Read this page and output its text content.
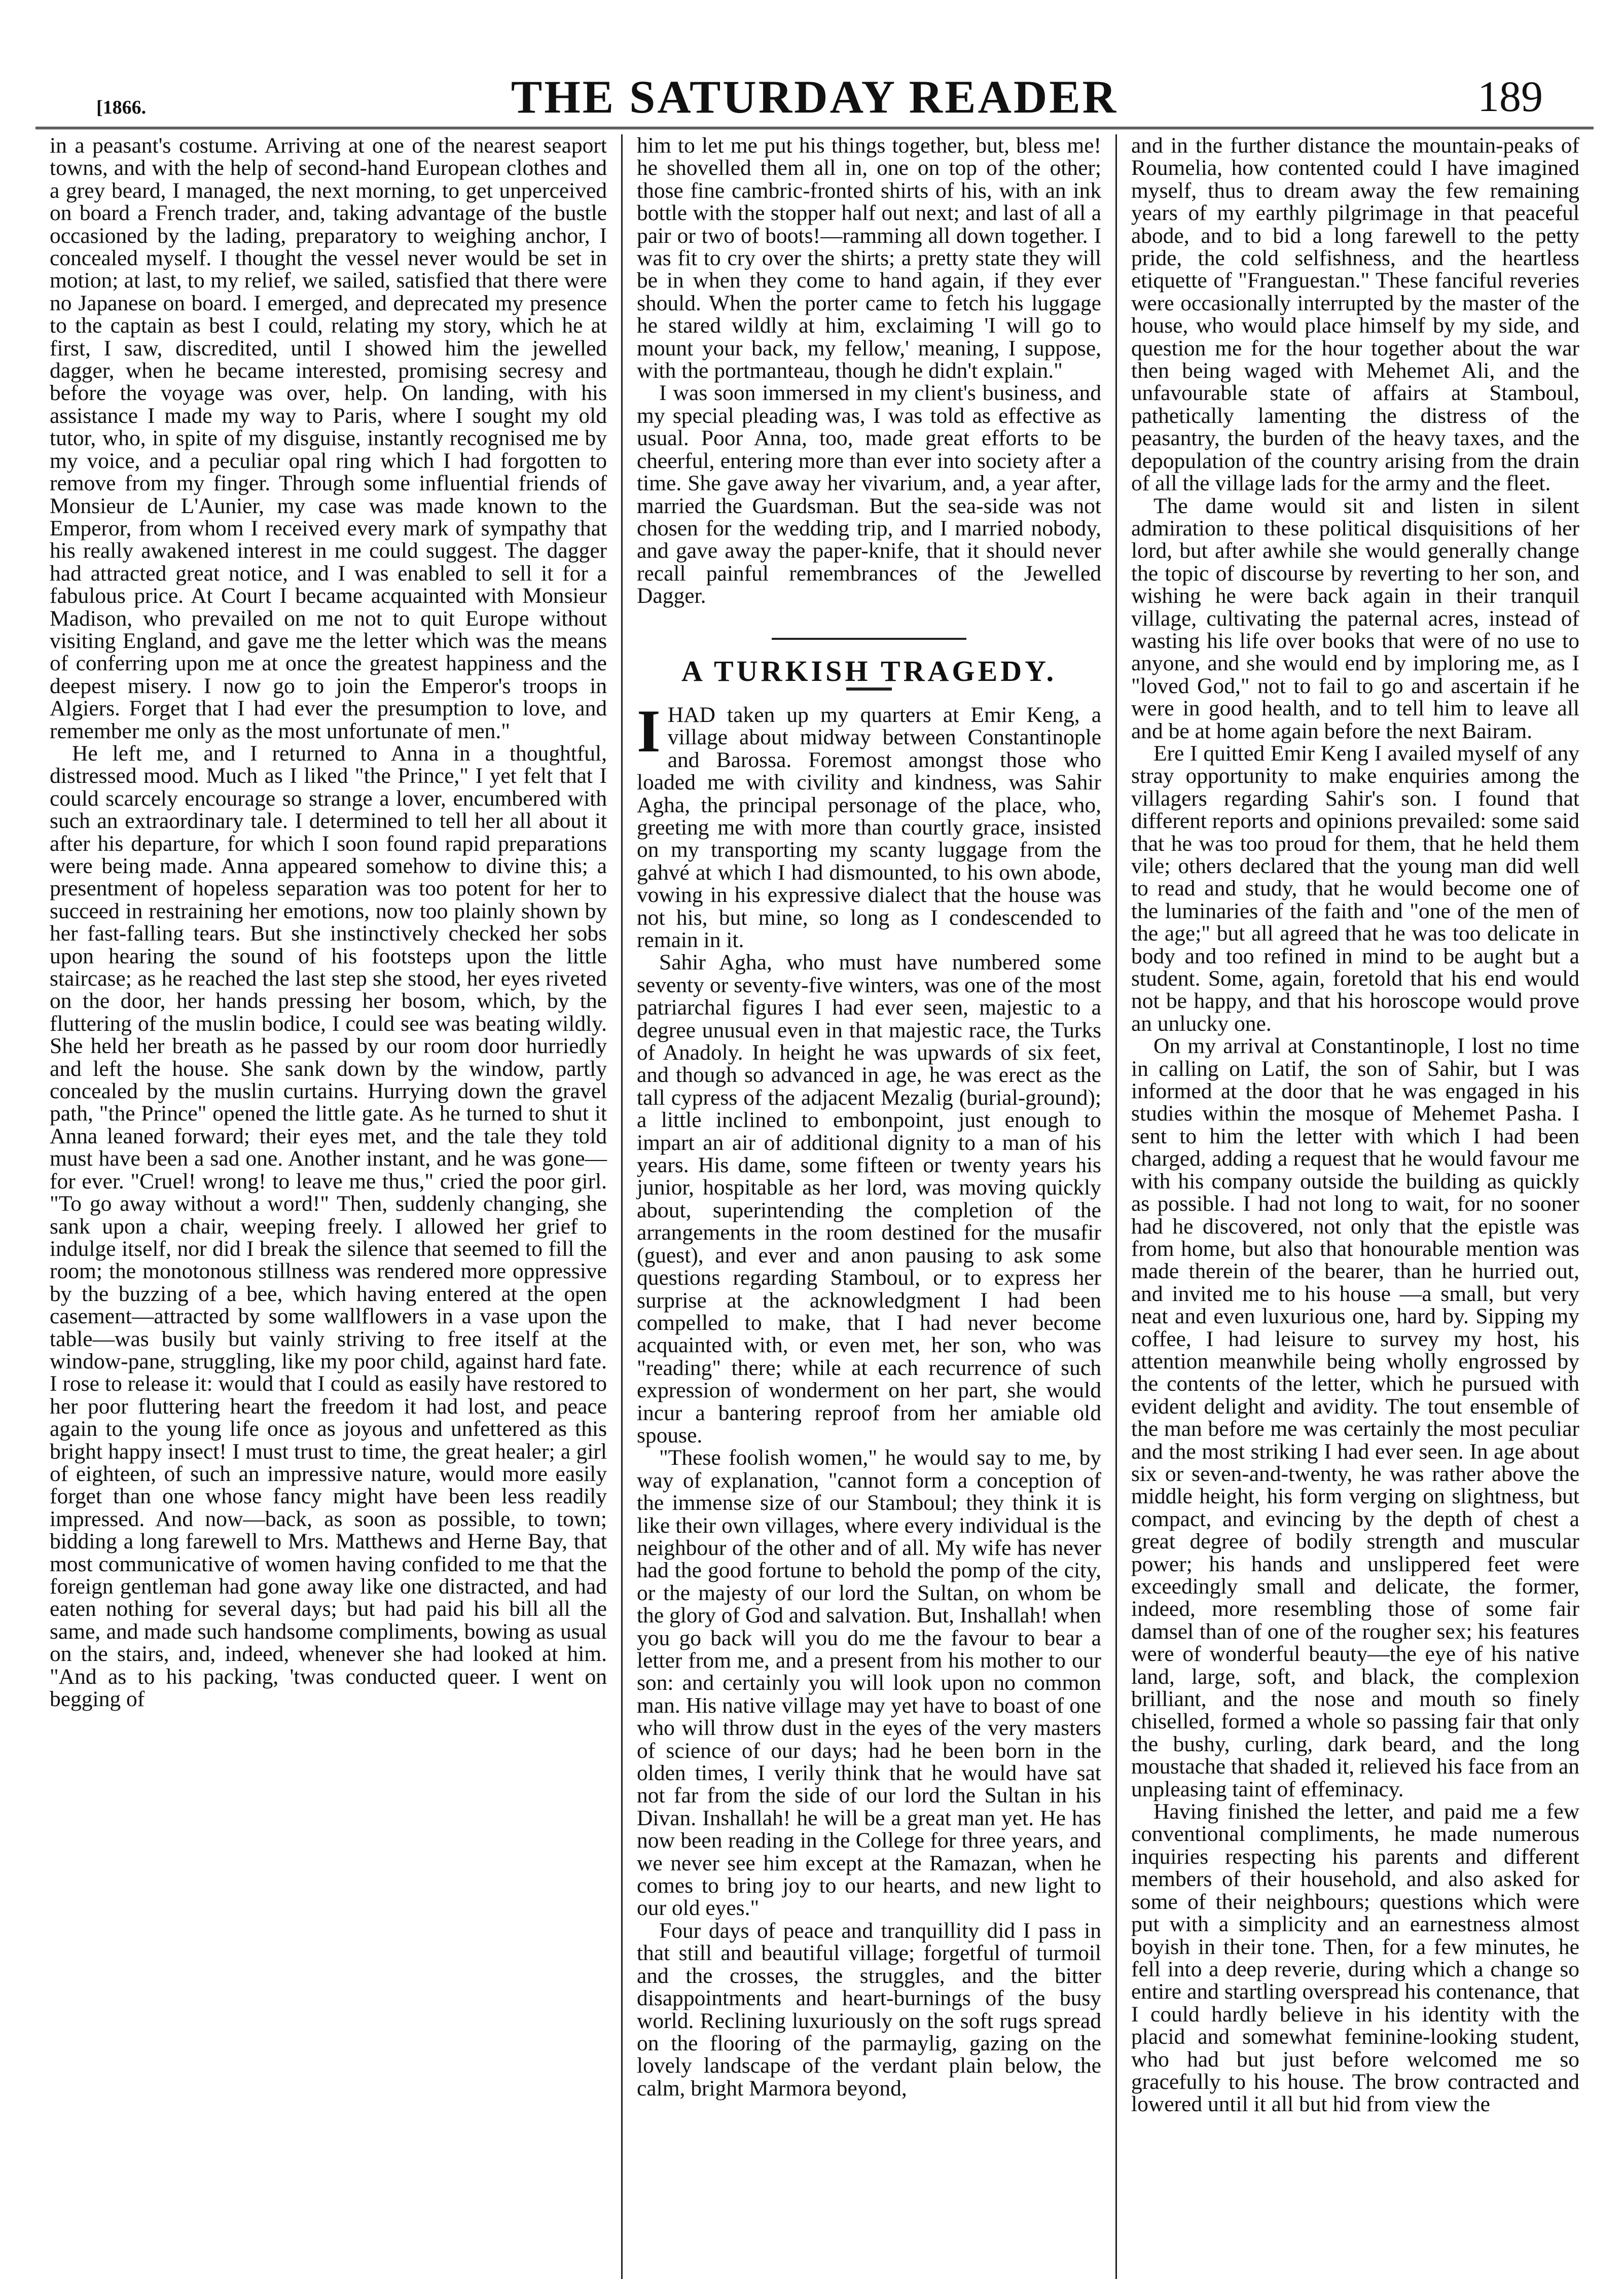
[1866.	THE SATURDAY READER	189

in a peasant's costume. Arriving at one of the nearest seaport towns, and with the help of second-hand European clothes and a grey beard, I managed, the next morning, to get unperceived on board a French trader, and, taking advantage of the bustle occasioned by the lading, preparatory to weighing anchor, I concealed myself. I thought the vessel never would be set in motion; at last, to my relief, we sailed, satisfied that there were no Japanese on board. I emerged, and deprecated my presence to the captain as best I could, relating my story, which he at first, I saw, discredited, until I showed him the jewelled dagger, when he became interested, promising secresy and before the voyage was over, help. On landing, with his assistance I made my way to Paris, where I sought my old tutor, who, in spite of my disguise, instantly recognised me by my voice, and a peculiar opal ring which I had forgotten to remove from my finger. Through some influential friends of Monsieur de L'Aunier, my case was made known to the Emperor, from whom I received every mark of sympathy that his really awakened interest in me could suggest. The dagger had attracted great notice, and I was enabled to sell it for a fabulous price. At Court I became acquainted with Monsieur Madison, who prevailed on me not to quit Europe without visiting England, and gave me the letter which was the means of conferring upon me at once the greatest happiness and the deepest misery. I now go to join the Emperor's troops in Algiers. Forget that I had ever the presumption to love, and remember me only as the most unfortunate of men."

He left me, and I returned to Anna in a thoughtful, distressed mood. Much as I liked "the Prince," I yet felt that I could scarcely encourage so strange a lover, encumbered with such an extraordinary tale. I determined to tell her all about it after his departure, for which I soon found rapid preparations were being made. Anna appeared somehow to divine this; a presentment of hopeless separation was too potent for her to succeed in restraining her emotions, now too plainly shown by her fast-falling tears. But she instinctively checked her sobs upon hearing the sound of his footsteps upon the little staircase; as he reached the last step she stood, her eyes riveted on the door, her hands pressing her bosom, which, by the fluttering of the muslin bodice, I could see was beating wildly. She held her breath as he passed by our room door hurriedly and left the house. She sank down by the window, partly concealed by the muslin curtains. Hurrying down the gravel path, "the Prince" opened the little gate. As he turned to shut it Anna leaned forward; their eyes met, and the tale they told must have been a sad one. Another instant, and he was gone—for ever. "Cruel! wrong! to leave me thus," cried the poor girl. "To go away without a word!" Then, suddenly changing, she sank upon a chair, weeping freely. I allowed her grief to indulge itself, nor did I break the silence that seemed to fill the room; the monotonous stillness was rendered more oppressive by the buzzing of a bee, which having entered at the open casement—attracted by some wallflowers in a vase upon the table—was busily but vainly striving to free itself at the window-pane, struggling, like my poor child, against hard fate. I rose to release it: would that I could as easily have restored to her poor fluttering heart the freedom it had lost, and peace again to the young life once as joyous and unfettered as this bright happy insect! I must trust to time, the great healer; a girl of eighteen, of such an impressive nature, would more easily forget than one whose fancy might have been less readily impressed. And now—back, as soon as possible, to town; bidding a long farewell to Mrs. Matthews and Herne Bay, that most communicative of women having confided to me that the foreign gentleman had gone away like one distracted, and had eaten nothing for several days; but had paid his bill all the same, and made such handsome compliments, bowing as usual on the stairs, and, indeed, whenever she had looked at him. "And as to his packing, 'twas conducted queer. I went on begging of

him to let me put his things together, but, bless me! he shovelled them all in, one on top of the other; those fine cambric-fronted shirts of his, with an ink bottle with the stopper half out next; and last of all a pair or two of boots!—ramming all down together. I was fit to cry over the shirts; a pretty state they will be in when they come to hand again, if they ever should. When the porter came to fetch his luggage he stared wildly at him, exclaiming 'I will go to mount your back, my fellow,' meaning, I suppose, with the portmanteau, though he didn't explain."

I was soon immersed in my client's business, and my special pleading was, I was told as effective as usual. Poor Anna, too, made great efforts to be cheerful, entering more than ever into society after a time. She gave away her vivarium, and, a year after, married the Guardsman. But the sea-side was not chosen for the wedding trip, and I married nobody, and gave away the paper-knife, that it should never recall painful remembrances of the Jewelled Dagger.

A TURKISH TRAGEDY.

IHAD taken up my quarters at Emir Keng, a village about midway between Constantinople and Barossa. Foremost amongst those who loaded me with civility and kindness, was Sahir Agha, the principal personage of the place, who, greeting me with more than courtly grace, insisted on my transporting my scanty luggage from the gahvé at which I had dismounted, to his own abode, vowing in his expressive dialect that the house was not his, but mine, so long as I condescended to remain in it.

Sahir Agha, who must have numbered some seventy or seventy-five winters, was one of the most patriarchal figures I had ever seen, majestic to a degree unusual even in that majestic race, the Turks of Anadoly. In height he was upwards of six feet, and though so advanced in age, he was erect as the tall cypress of the adjacent Mezalig (burial-ground); a little inclined to embonpoint, just enough to impart an air of additional dignity to a man of his years. His dame, some fifteen or twenty years his junior, hospitable as her lord, was moving quickly about, superintending the completion of the arrangements in the room destined for the musafir (guest), and ever and anon pausing to ask some questions regarding Stamboul, or to express her surprise at the acknowledgment I had been compelled to make, that I had never become acquainted with, or even met, her son, who was "reading" there; while at each recurrence of such expression of wonderment on her part, she would incur a bantering reproof from her amiable old spouse.

"These foolish women," he would say to me, by way of explanation, "cannot form a conception of the immense size of our Stamboul; they think it is like their own villages, where every individual is the neighbour of the other and of all. My wife has never had the good fortune to behold the pomp of the city, or the majesty of our lord the Sultan, on whom be the glory of God and salvation. But, Inshallah! when you go back will you do me the favour to bear a letter from me, and a present from his mother to our son: and certainly you will look upon no common man. His native village may yet have to boast of one who will throw dust in the eyes of the very masters of science of our days; had he been born in the olden times, I verily think that he would have sat not far from the side of our lord the Sultan in his Divan. Inshallah! he will be a great man yet. He has now been reading in the College for three years, and we never see him except at the Ramazan, when he comes to bring joy to our hearts, and new light to our old eyes."

Four days of peace and tranquillity did I pass in that still and beautiful village; forgetful of turmoil and the crosses, the struggles, and the bitter disappointments and heart-burnings of the busy world. Reclining luxuriously on the soft rugs spread on the flooring of the parmaylig, gazing on the lovely landscape of the verdant plain below, the calm, bright Marmora beyond,

and in the further distance the mountain-peaks of Roumelia, how contented could I have imagined myself, thus to dream away the few remaining years of my earthly pilgrimage in that peaceful abode, and to bid a long farewell to the petty pride, the cold selfishness, and the heartless etiquette of "Franguestan." These fanciful reveries were occasionally interrupted by the master of the house, who would place himself by my side, and question me for the hour together about the war then being waged with Mehemet Ali, and the unfavourable state of affairs at Stamboul, pathetically lamenting the distress of the peasantry, the burden of the heavy taxes, and the depopulation of the country arising from the drain of all the village lads for the army and the fleet.

The dame would sit and listen in silent admiration to these political disquisitions of her lord, but after awhile she would generally change the topic of discourse by reverting to her son, and wishing he were back again in their tranquil village, cultivating the paternal acres, instead of wasting his life over books that were of no use to anyone, and she would end by imploring me, as I "loved God," not to fail to go and ascertain if he were in good health, and to tell him to leave all and be at home again before the next Bairam.

Ere I quitted Emir Keng I availed myself of any stray opportunity to make enquiries among the villagers regarding Sahir's son. I found that different reports and opinions prevailed: some said that he was too proud for them, that he held them vile; others declared that the young man did well to read and study, that he would become one of the luminaries of the faith and "one of the men of the age;" but all agreed that he was too delicate in body and too refined in mind to be aught but a student. Some, again, foretold that his end would not be happy, and that his horoscope would prove an unlucky one.

On my arrival at Constantinople, I lost no time in calling on Latif, the son of Sahir, but I was informed at the door that he was engaged in his studies within the mosque of Mehemet Pasha. I sent to him the letter with which I had been charged, adding a request that he would favour me with his company outside the building as quickly as possible. I had not long to wait, for no sooner had he discovered, not only that the epistle was from home, but also that honourable mention was made therein of the bearer, than he hurried out, and invited me to his house —a small, but very neat and even luxurious one, hard by. Sipping my coffee, I had leisure to survey my host, his attention meanwhile being wholly engrossed by the contents of the letter, which he pursued with evident delight and avidity. The tout ensemble of the man before me was certainly the most peculiar and the most striking I had ever seen. In age about six or seven-and-twenty, he was rather above the middle height, his form verging on slightness, but compact, and evincing by the depth of chest a great degree of bodily strength and muscular power; his hands and unslippered feet were exceedingly small and delicate, the former, indeed, more resembling those of some fair damsel than of one of the rougher sex; his features were of wonderful beauty—the eye of his native land, large, soft, and black, the complexion brilliant, and the nose and mouth so finely chiselled, formed a whole so passing fair that only the bushy, curling, dark beard, and the long moustache that shaded it, relieved his face from an unpleasing taint of effeminacy.

Having finished the letter, and paid me a few conventional compliments, he made numerous inquiries respecting his parents and different members of their household, and also asked for some of their neighbours; questions which were put with a simplicity and an earnestness almost boyish in their tone. Then, for a few minutes, he fell into a deep reverie, during which a change so entire and startling overspread his contenance, that I could hardly believe in his identity with the placid and somewhat feminine-looking student, who had but just before welcomed me so gracefully to his house. The brow contracted and lowered until it all but hid from view the
